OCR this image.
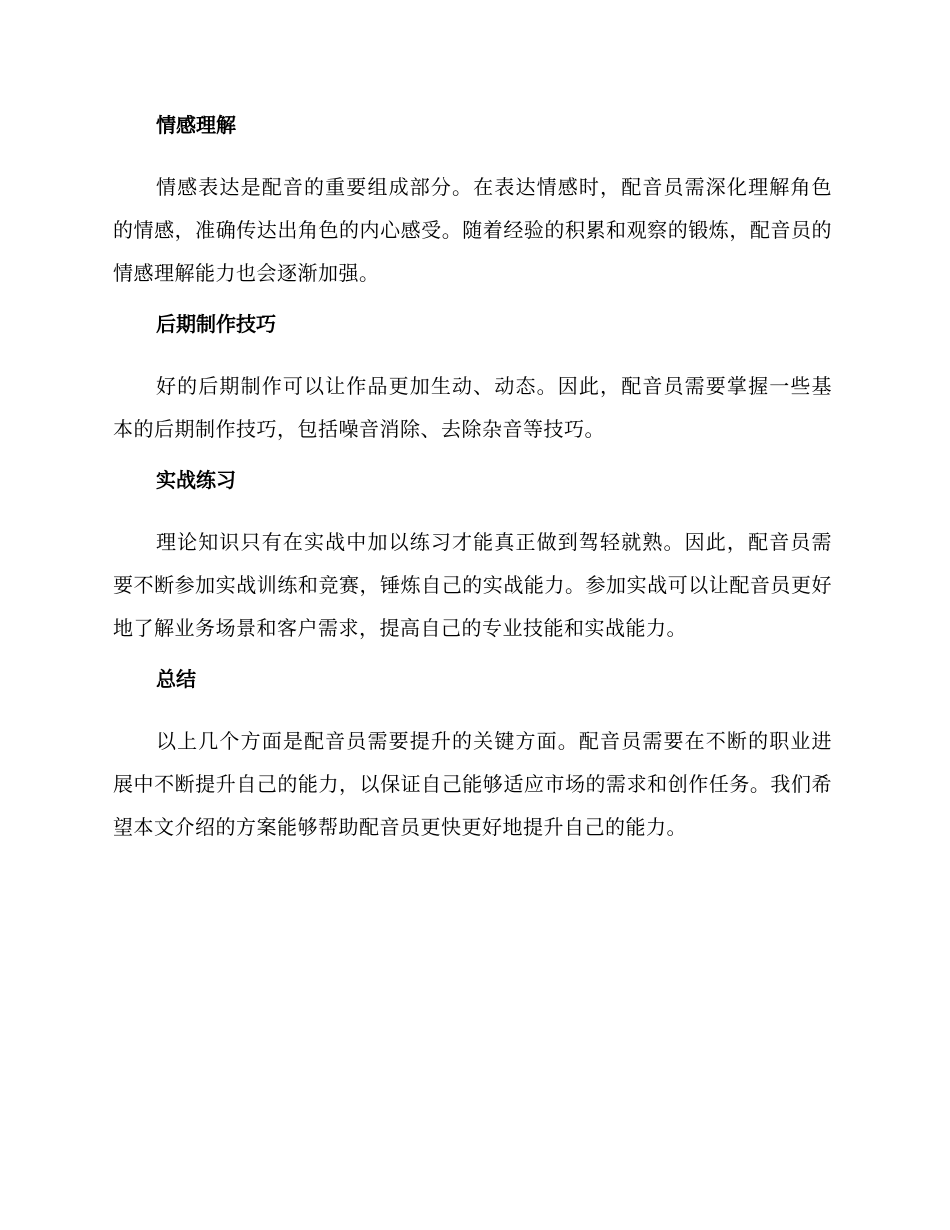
情感理解

情感表达是配音的重要组成部分。在表达情感时，配音员需深化理解角色的情感，准确传达出角色的内心感受。随着经验的积累和观察的锻炼，配音员的情感理解能力也会逐渐加强。

后期制作技巧

好的后期制作可以让作品更加生动、动态。因此，配音员需要掌握一些基本的后期制作技巧，包括噪音消除、去除杂音等技巧。

实战练习

理论知识只有在实战中加以练习才能真正做到驾轻就熟。因此，配音员需要不断参加实战训练和竞赛，锤炼自己的实战能力。参加实战可以让配音员更好地了解业务场景和客户需求，提高自己的专业技能和实战能力。

总结

以上几个方面是配音员需要提升的关键方面。配音员需要在不断的职业进展中不断提升自己的能力，以保证自己能够适应市场的需求和创作任务。我们希望本文介绍的方案能够帮助配音员更快更好地提升自己的能力。
